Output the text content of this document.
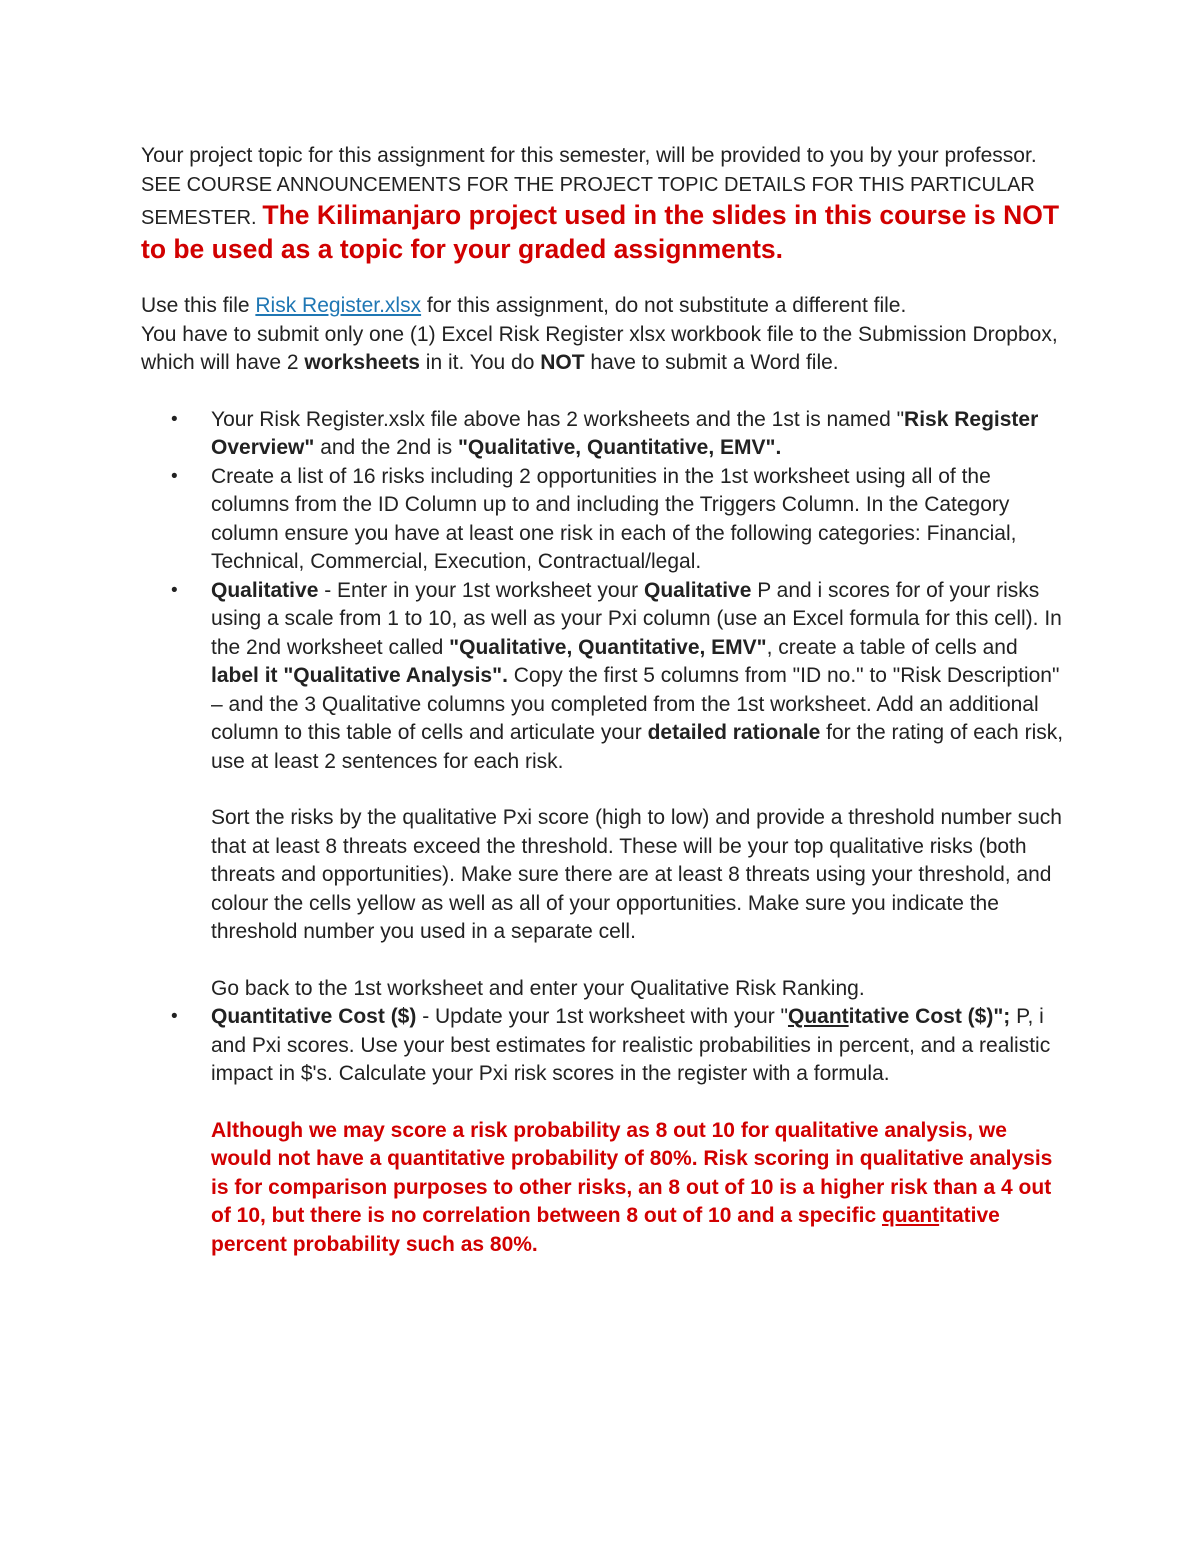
Your project topic for this assignment for this semester, will be provided to you by your professor. SEE COURSE ANNOUNCEMENTS FOR THE PROJECT TOPIC DETAILS FOR THIS PARTICULAR SEMESTER. The Kilimanjaro project used in the slides in this course is NOT to be used as a topic for your graded assignments.

Use this file Risk Register.xlsx for this assignment, do not substitute a different file.
You have to submit only one (1) Excel Risk Register xlsx workbook file to the Submission Dropbox, which will have 2 worksheets in it. You do NOT have to submit a Word file.

• Your Risk Register.xslx file above has 2 worksheets and the 1st is named "Risk Register Overview" and the 2nd is "Qualitative, Quantitative, EMV".
• Create a list of 16 risks including 2 opportunities in the 1st worksheet using all of the columns from the ID Column up to and including the Triggers Column. In the Category column ensure you have at least one risk in each of the following categories: Financial, Technical, Commercial, Execution, Contractual/legal.
• Qualitative - Enter in your 1st worksheet your Qualitative P and i scores for of your risks using a scale from 1 to 10, as well as your Pxi column (use an Excel formula for this cell). In the 2nd worksheet called "Qualitative, Quantitative, EMV", create a table of cells and label it "Qualitative Analysis". Copy the first 5 columns from "ID no." to "Risk Description" – and the 3 Qualitative columns you completed from the 1st worksheet. Add an additional column to this table of cells and articulate your detailed rationale for the rating of each risk, use at least 2 sentences for each risk.

Sort the risks by the qualitative Pxi score (high to low) and provide a threshold number such that at least 8 threats exceed the threshold. These will be your top qualitative risks (both threats and opportunities). Make sure there are at least 8 threats using your threshold, and colour the cells yellow as well as all of your opportunities. Make sure you indicate the threshold number you used in a separate cell.

Go back to the 1st worksheet and enter your Qualitative Risk Ranking.

• Quantitative Cost ($) - Update your 1st worksheet with your "Quantitative Cost ($)"; P, i and Pxi scores. Use your best estimates for realistic probabilities in percent, and a realistic impact in $'s. Calculate your Pxi risk scores in the register with a formula.

Although we may score a risk probability as 8 out 10 for qualitative analysis, we would not have a quantitative probability of 80%. Risk scoring in qualitative analysis is for comparison purposes to other risks, an 8 out of 10 is a higher risk than a 4 out of 10, but there is no correlation between 8 out of 10 and a specific quantitative percent probability such as 80%.
